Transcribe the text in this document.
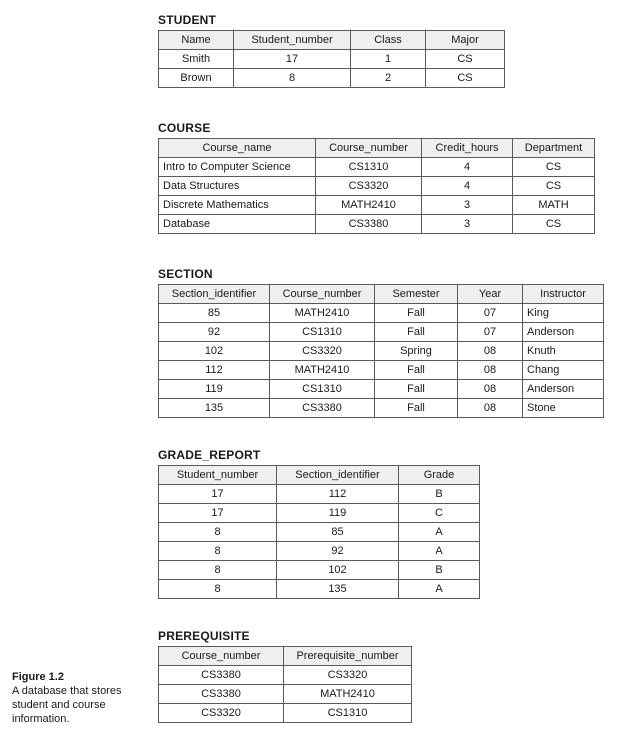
STUDENT
Name	Student_number	Class	Major
Smith	17	1	CS
Brown	8	2	CS
COURSE
Course_name	Course_number	Credit_hours	Department
Intro to Computer Science	CS1310	4	CS
Data Structures	CS3320	4	CS
Discrete Mathematics	MATH2410	3	MATH
Database	CS3380	3	CS
SECTION
Section_identifier	Course_number	Semester	Year	Instructor
85	MATH2410	Fall	07	King
92	CS1310	Fall	07	Anderson
102	CS3320	Spring	08	Knuth
112	MATH2410	Fall	08	Chang
119	CS1310	Fall	08	Anderson
135	CS3380	Fall	08	Stone
GRADE_REPORT
Student_number	Section_identifier	Grade
17	112	B
17	119	C
8	85	A
8	92	A
8	102	B
8	135	A
PREREQUISITE
Course_number	Prerequisite_number
CS3380	CS3320
CS3380	MATH2410
CS3320	CS1310
Figure 1.2
A database that stores student and course information.
